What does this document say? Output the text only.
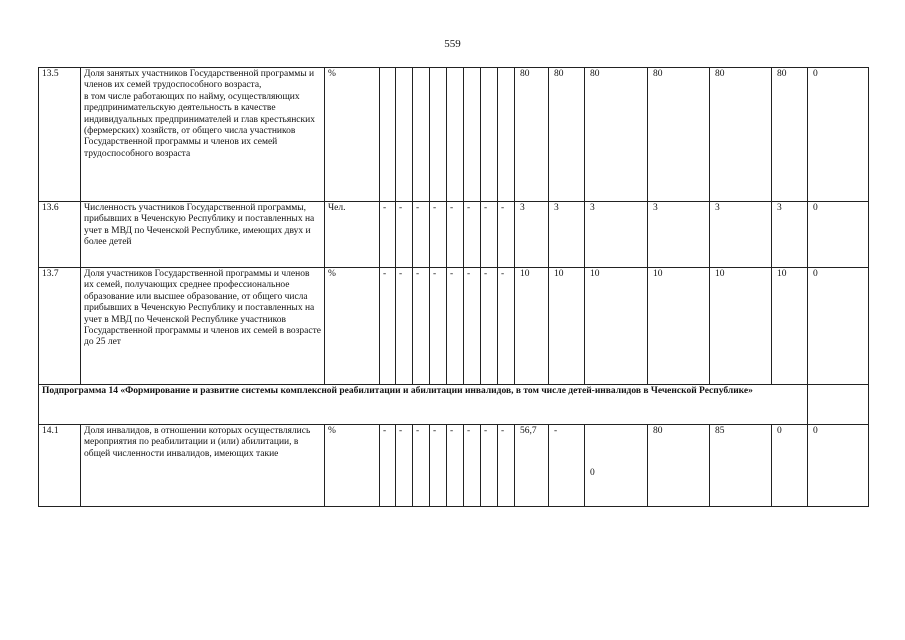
559
13.5	Доля занятых участников Государственной программы и членов их семей трудоспособного возраста,
в том числе работающих по найму, осуществляющих предпринимательскую деятельность в качестве индивидуальных предпринимателей и глав крестьянских (фермерских) хозяйств, от общего числа участников Государственной программы и членов их семей трудоспособного возраста	%									80	80	80	80	80	80	0
13.6	Численность участников Государственной программы, прибывших в Чеченскую Республику и поставленных на учет в МВД по Чеченской Республике, имеющих двух и более детей	Чел.	-	-	-	-	-	-	-	-	3	3	3	3	3	3	0
13.7	Доля участников Государственной программы и членов их семей, получающих среднее профессиональное образование или высшее образование, от общего числа прибывших в Чеченскую Республику и поставленных на учет в МВД по Чеченской Республике участников Государственной программы и членов их семей в возрасте до 25 лет	%	-	-	-	-	-	-	-	-	10	10	10	10	10	10	0
Подпрограмма 14 «Формирование и развитие системы комплексной реабилитации и абилитации инвалидов, в том числе детей-инвалидов в Чеченской Республике»																	
14.1	Доля инвалидов, в отношении которых осуществлялись мероприятия по реабилитации и (или) абилитации, в общей численности инвалидов, имеющих такие	%	-	-	-	-	-	-	-	-	56,7	-	0	80	85	0	0
